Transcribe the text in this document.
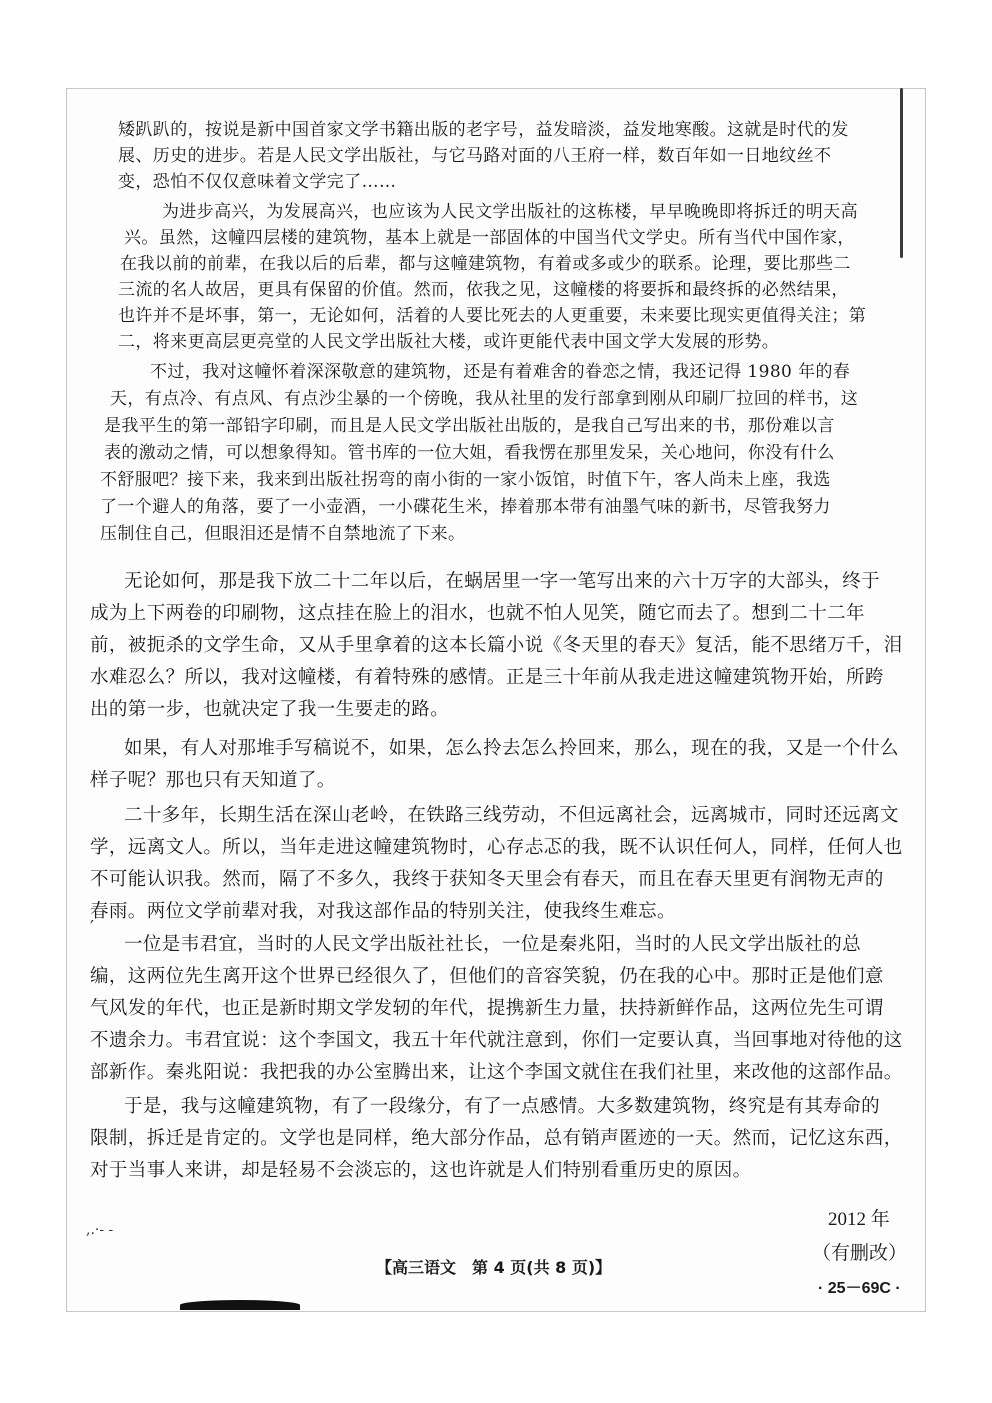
矮趴趴的，按说是新中国首家文学书籍出版的老字号，益发暗淡，益发地寒酸。这就是时代的发
展、历史的进步。若是人民文学出版社，与它马路对面的八王府一样，数百年如一日地纹丝不
变，恐怕不仅仅意味着文学完了……
为进步高兴，为发展高兴，也应该为人民文学出版社的这栋楼，早早晚晚即将拆迁的明天高
兴。虽然，这幢四层楼的建筑物，基本上就是一部固体的中国当代文学史。所有当代中国作家，
在我以前的前辈，在我以后的后辈，都与这幢建筑物，有着或多或少的联系。论理，要比那些二
三流的名人故居，更具有保留的价值。然而，依我之见，这幢楼的将要拆和最终拆的必然结果，
也许并不是坏事，第一，无论如何，活着的人要比死去的人更重要，未来要比现实更值得关注；第
二，将来更高层更亮堂的人民文学出版社大楼，或许更能代表中国文学大发展的形势。
不过，我对这幢怀着深深敬意的建筑物，还是有着难舍的眷恋之情，我还记得 1980 年的春
天，有点冷、有点风、有点沙尘暴的一个傍晚，我从社里的发行部拿到刚从印刷厂拉回的样书，这
是我平生的第一部铅字印刷，而且是人民文学出版社出版的，是我自己写出来的书，那份难以言
表的激动之情，可以想象得知。管书库的一位大姐，看我愣在那里发呆，关心地问，你没有什么
不舒服吧？接下来，我来到出版社拐弯的南小街的一家小饭馆，时值下午，客人尚未上座，我选
了一个避人的角落，要了一小壶酒，一小碟花生米，捧着那本带有油墨气味的新书，尽管我努力
压制住自己，但眼泪还是情不自禁地流了下来。
无论如何，那是我下放二十二年以后，在蜗居里一字一笔写出来的六十万字的大部头，终于
成为上下两卷的印刷物，这点挂在脸上的泪水，也就不怕人见笑，随它而去了。想到二十二年
前，被扼杀的文学生命，又从手里拿着的这本长篇小说《冬天里的春天》复活，能不思绪万千，泪
水难忍么？所以，我对这幢楼，有着特殊的感情。正是三十年前从我走进这幢建筑物开始，所跨
出的第一步，也就决定了我一生要走的路。
如果，有人对那堆手写稿说不，如果，怎么拎去怎么拎回来，那么，现在的我，又是一个什么
样子呢？那也只有天知道了。
二十多年，长期生活在深山老岭，在铁路三线劳动，不但远离社会，远离城市，同时还远离文
学，远离文人。所以，当年走进这幢建筑物时，心存忐忑的我，既不认识任何人，同样，任何人也
不可能认识我。然而，隔了不多久，我终于获知冬天里会有春天，而且在春天里更有润物无声的
春雨。两位文学前辈对我，对我这部作品的特别关注，使我终生难忘。
′
一位是韦君宜，当时的人民文学出版社社长，一位是秦兆阳，当时的人民文学出版社的总
编，这两位先生离开这个世界已经很久了，但他们的音容笑貌，仍在我的心中。那时正是他们意
气风发的年代，也正是新时期文学发轫的年代，提携新生力量，扶持新鲜作品，这两位先生可谓
不遗余力。韦君宜说：这个李国文，我五十年代就注意到，你们一定要认真，当回事地对待他的这
部新作。秦兆阳说：我把我的办公室腾出来，让这个李国文就住在我们社里，来改他的这部作品。
于是，我与这幢建筑物，有了一段缘分，有了一点感情。大多数建筑物，终究是有其寿命的
限制，拆迁是肯定的。文学也是同样，绝大部分作品，总有销声匿迹的一天。然而，记忆这东西，
对于当事人来讲，却是轻易不会淡忘的，这也许就是人们特别看重历史的原因。
2012 年
（有删改）
,.·- -
【高三语文　第 4 页(共 8 页)】
· 25－69C ·
